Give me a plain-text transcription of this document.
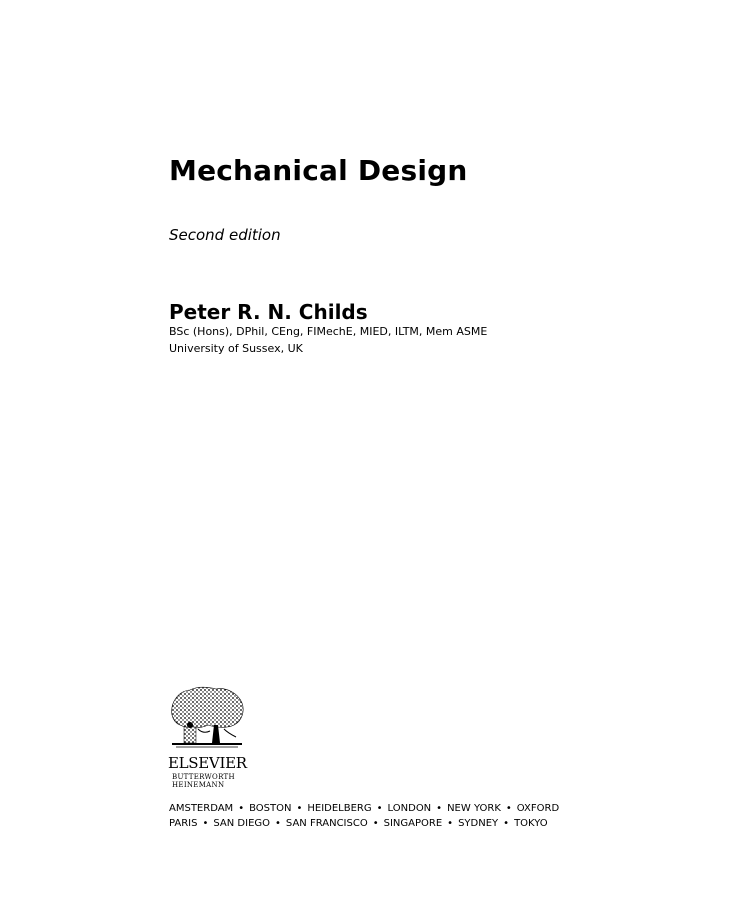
Mechanical Design
Second edition
Peter R. N. Childs
BSc (Hons), DPhil, CEng, FIMechE, MIED, ILTM, Mem ASME
University of Sussex, UK
ELSEVIER
BUTTERWORTH
HEINEMANN
AMSTERDAM • BOSTON • HEIDELBERG • LONDON • NEW YORK • OXFORD
PARIS • SAN DIEGO • SAN FRANCISCO • SINGAPORE • SYDNEY • TOKYO
